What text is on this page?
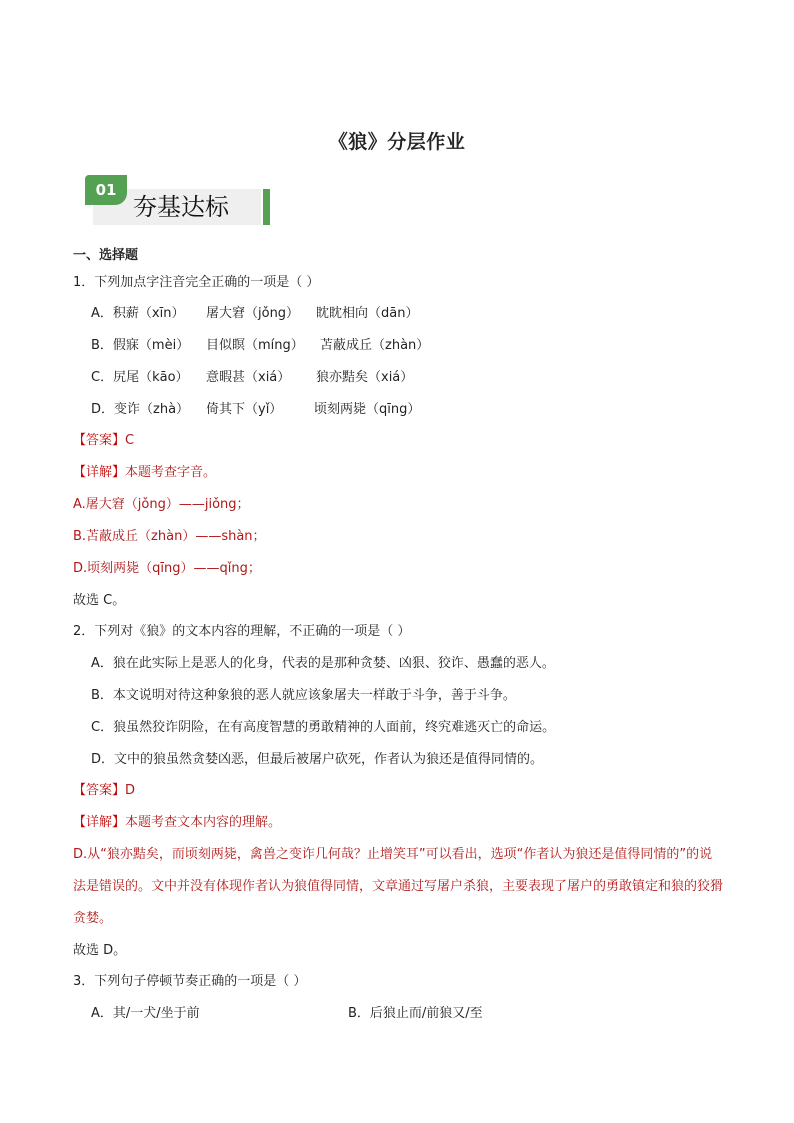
《狼》分层作业
01
夯基达标
一、选择题
1．下列加点字注音完全正确的一项是（ ）
A．积薪（xīn） 屠大窘（jǒng） 眈眈相向（dān）
B．假寐（mèi） 目似瞑（míng） 苫蔽成丘（zhàn）
C．尻尾（kāo） 意暇甚（xiá） 狼亦黠矣（xiá）
D．变诈（zhà） 倚其下（yǐ） 顷刻两毙（qīng）
【答案】C
【详解】本题考查字音。
A.屠大窘（jǒng）——jiǒng；
B.苫蔽成丘（zhàn）——shàn；
D.顷刻两毙（qīng）——qǐng；
故选 C。
2．下列对《狼》的文本内容的理解，不正确的一项是（ ）
A．狼在此实际上是恶人的化身，代表的是那种贪婪、凶狠、狡诈、愚蠢的恶人。
B．本文说明对待这种象狼的恶人就应该象屠夫一样敢于斗争，善于斗争。
C．狼虽然狡诈阴险，在有高度智慧的勇敢精神的人面前，终究难逃灭亡的命运。
D．文中的狼虽然贪婪凶恶，但最后被屠户砍死，作者认为狼还是值得同情的。
【答案】D
【详解】本题考查文本内容的理解。
D.从“狼亦黠矣，而顷刻两毙，禽兽之变诈几何哉？止增笑耳”可以看出，选项“作者认为狼还是值得同情的”的说法是错误的。文中并没有体现作者认为狼值得同情，文章通过写屠户杀狼，主要表现了屠户的勇敢镇定和狼的狡猾贪婪。
故选 D。
3．下列句子停顿节奏正确的一项是（ ）
A．其/一犬/坐于前	B．后狼止而/前狼又/至
